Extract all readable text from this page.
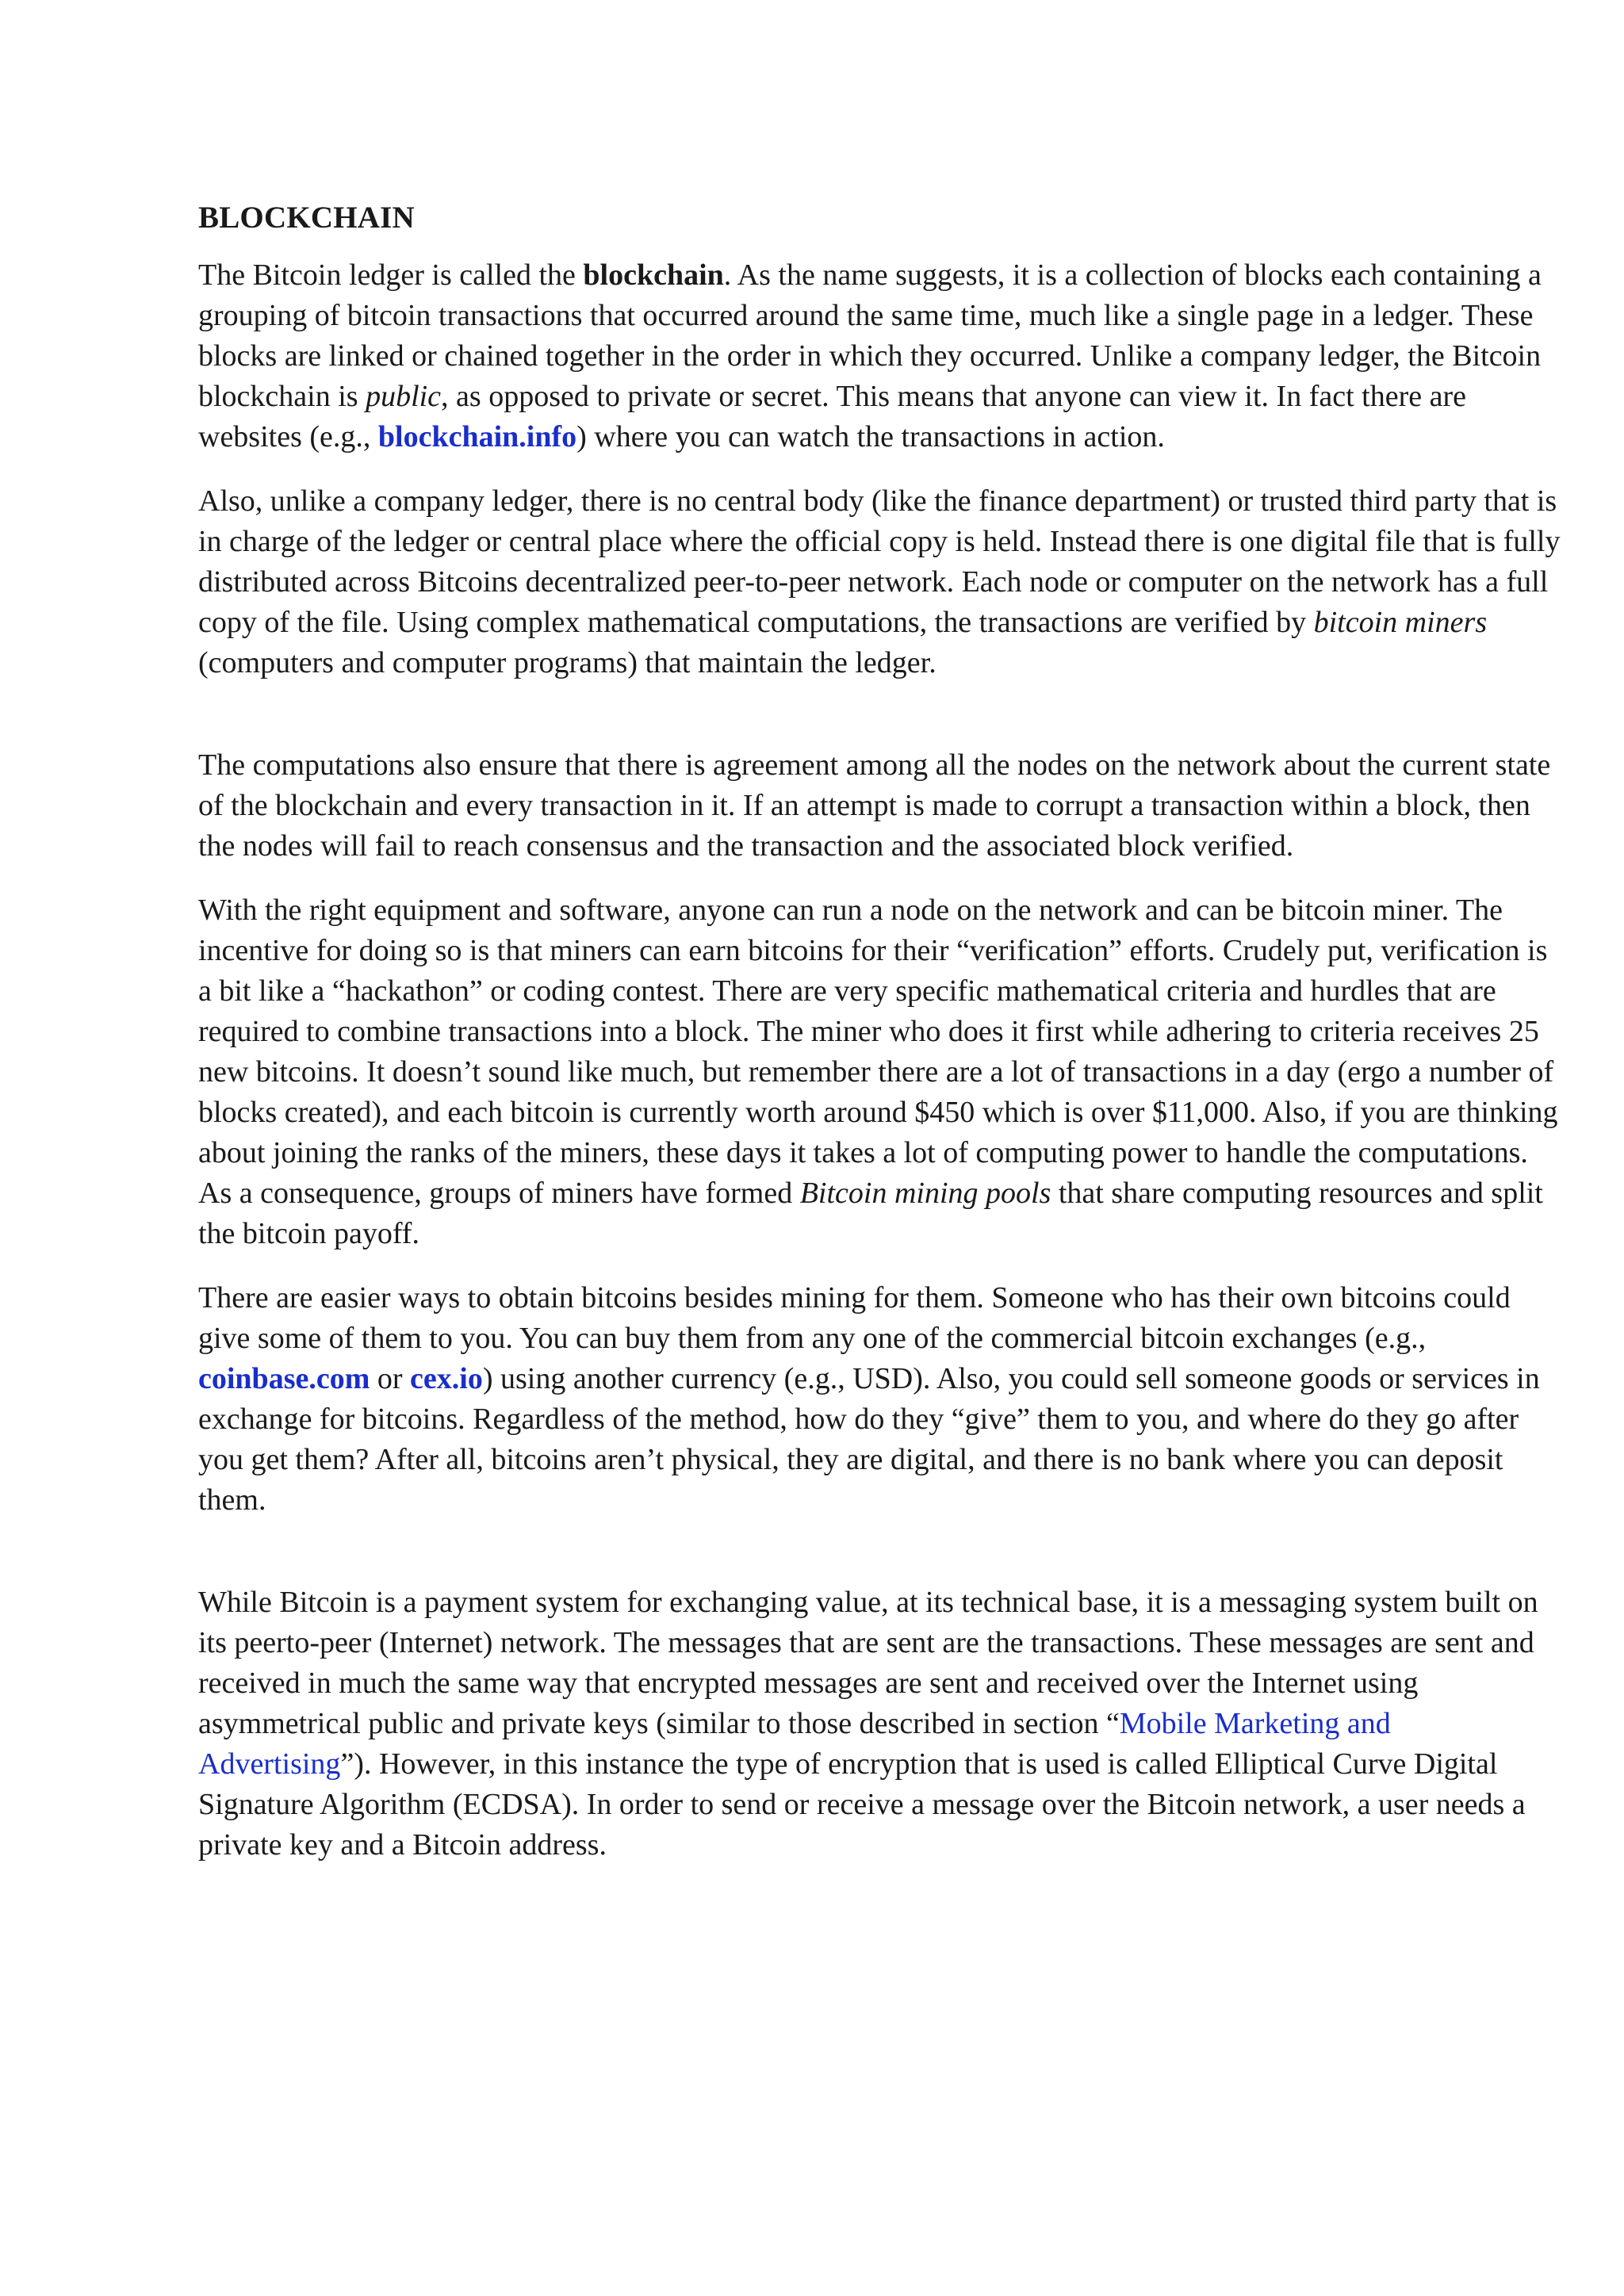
BLOCKCHAIN

The Bitcoin ledger is called the blockchain. As the name suggests, it is a collection of blocks each containing a grouping of bitcoin transactions that occurred around the same time, much like a single page in a ledger. These blocks are linked or chained together in the order in which they occurred. Unlike a company ledger, the Bitcoin blockchain is public, as opposed to private or secret. This means that anyone can view it. In fact there are websites (e.g., blockchain.info) where you can watch the transactions in action.

Also, unlike a company ledger, there is no central body (like the finance department) or trusted third party that is in charge of the ledger or central place where the official copy is held. Instead there is one digital file that is fully distributed across Bitcoins decentralized peer-to-peer network. Each node or computer on the network has a full copy of the file. Using complex mathematical computations, the transactions are verified by bitcoin miners (computers and computer programs) that maintain the ledger.

The computations also ensure that there is agreement among all the nodes on the network about the current state of the blockchain and every transaction in it. If an attempt is made to corrupt a transaction within a block, then the nodes will fail to reach consensus and the transaction and the associated block verified.

With the right equipment and software, anyone can run a node on the network and can be bitcoin miner. The incentive for doing so is that miners can earn bitcoins for their “verification” efforts. Crudely put, verification is a bit like a “hackathon” or coding contest. There are very specific mathematical criteria and hurdles that are required to combine transactions into a block. The miner who does it first while adhering to criteria receives 25 new bitcoins. It doesn’t sound like much, but remember there are a lot of transactions in a day (ergo a number of blocks created), and each bitcoin is currently worth around $450 which is over $11,000. Also, if you are thinking about joining the ranks of the miners, these days it takes a lot of computing power to handle the computations. As a consequence, groups of miners have formed Bitcoin mining pools that share computing resources and split the bitcoin payoff.

There are easier ways to obtain bitcoins besides mining for them. Someone who has their own bitcoins could give some of them to you. You can buy them from any one of the commercial bitcoin exchanges (e.g., coinbase.com or cex.io) using another currency (e.g., USD). Also, you could sell someone goods or services in exchange for bitcoins. Regardless of the method, how do they “give” them to you, and where do they go after you get them? After all, bitcoins aren’t physical, they are digital, and there is no bank where you can deposit them.

While Bitcoin is a payment system for exchanging value, at its technical base, it is a messaging system built on its peerto-peer (Internet) network. The messages that are sent are the transactions. These messages are sent and received in much the same way that encrypted messages are sent and received over the Internet using asymmetrical public and private keys (similar to those described in section “Mobile Marketing and Advertising”). However, in this instance the type of encryption that is used is called Elliptical Curve Digital Signature Algorithm (ECDSA). In order to send or receive a message over the Bitcoin network, a user needs a private key and a Bitcoin address.
